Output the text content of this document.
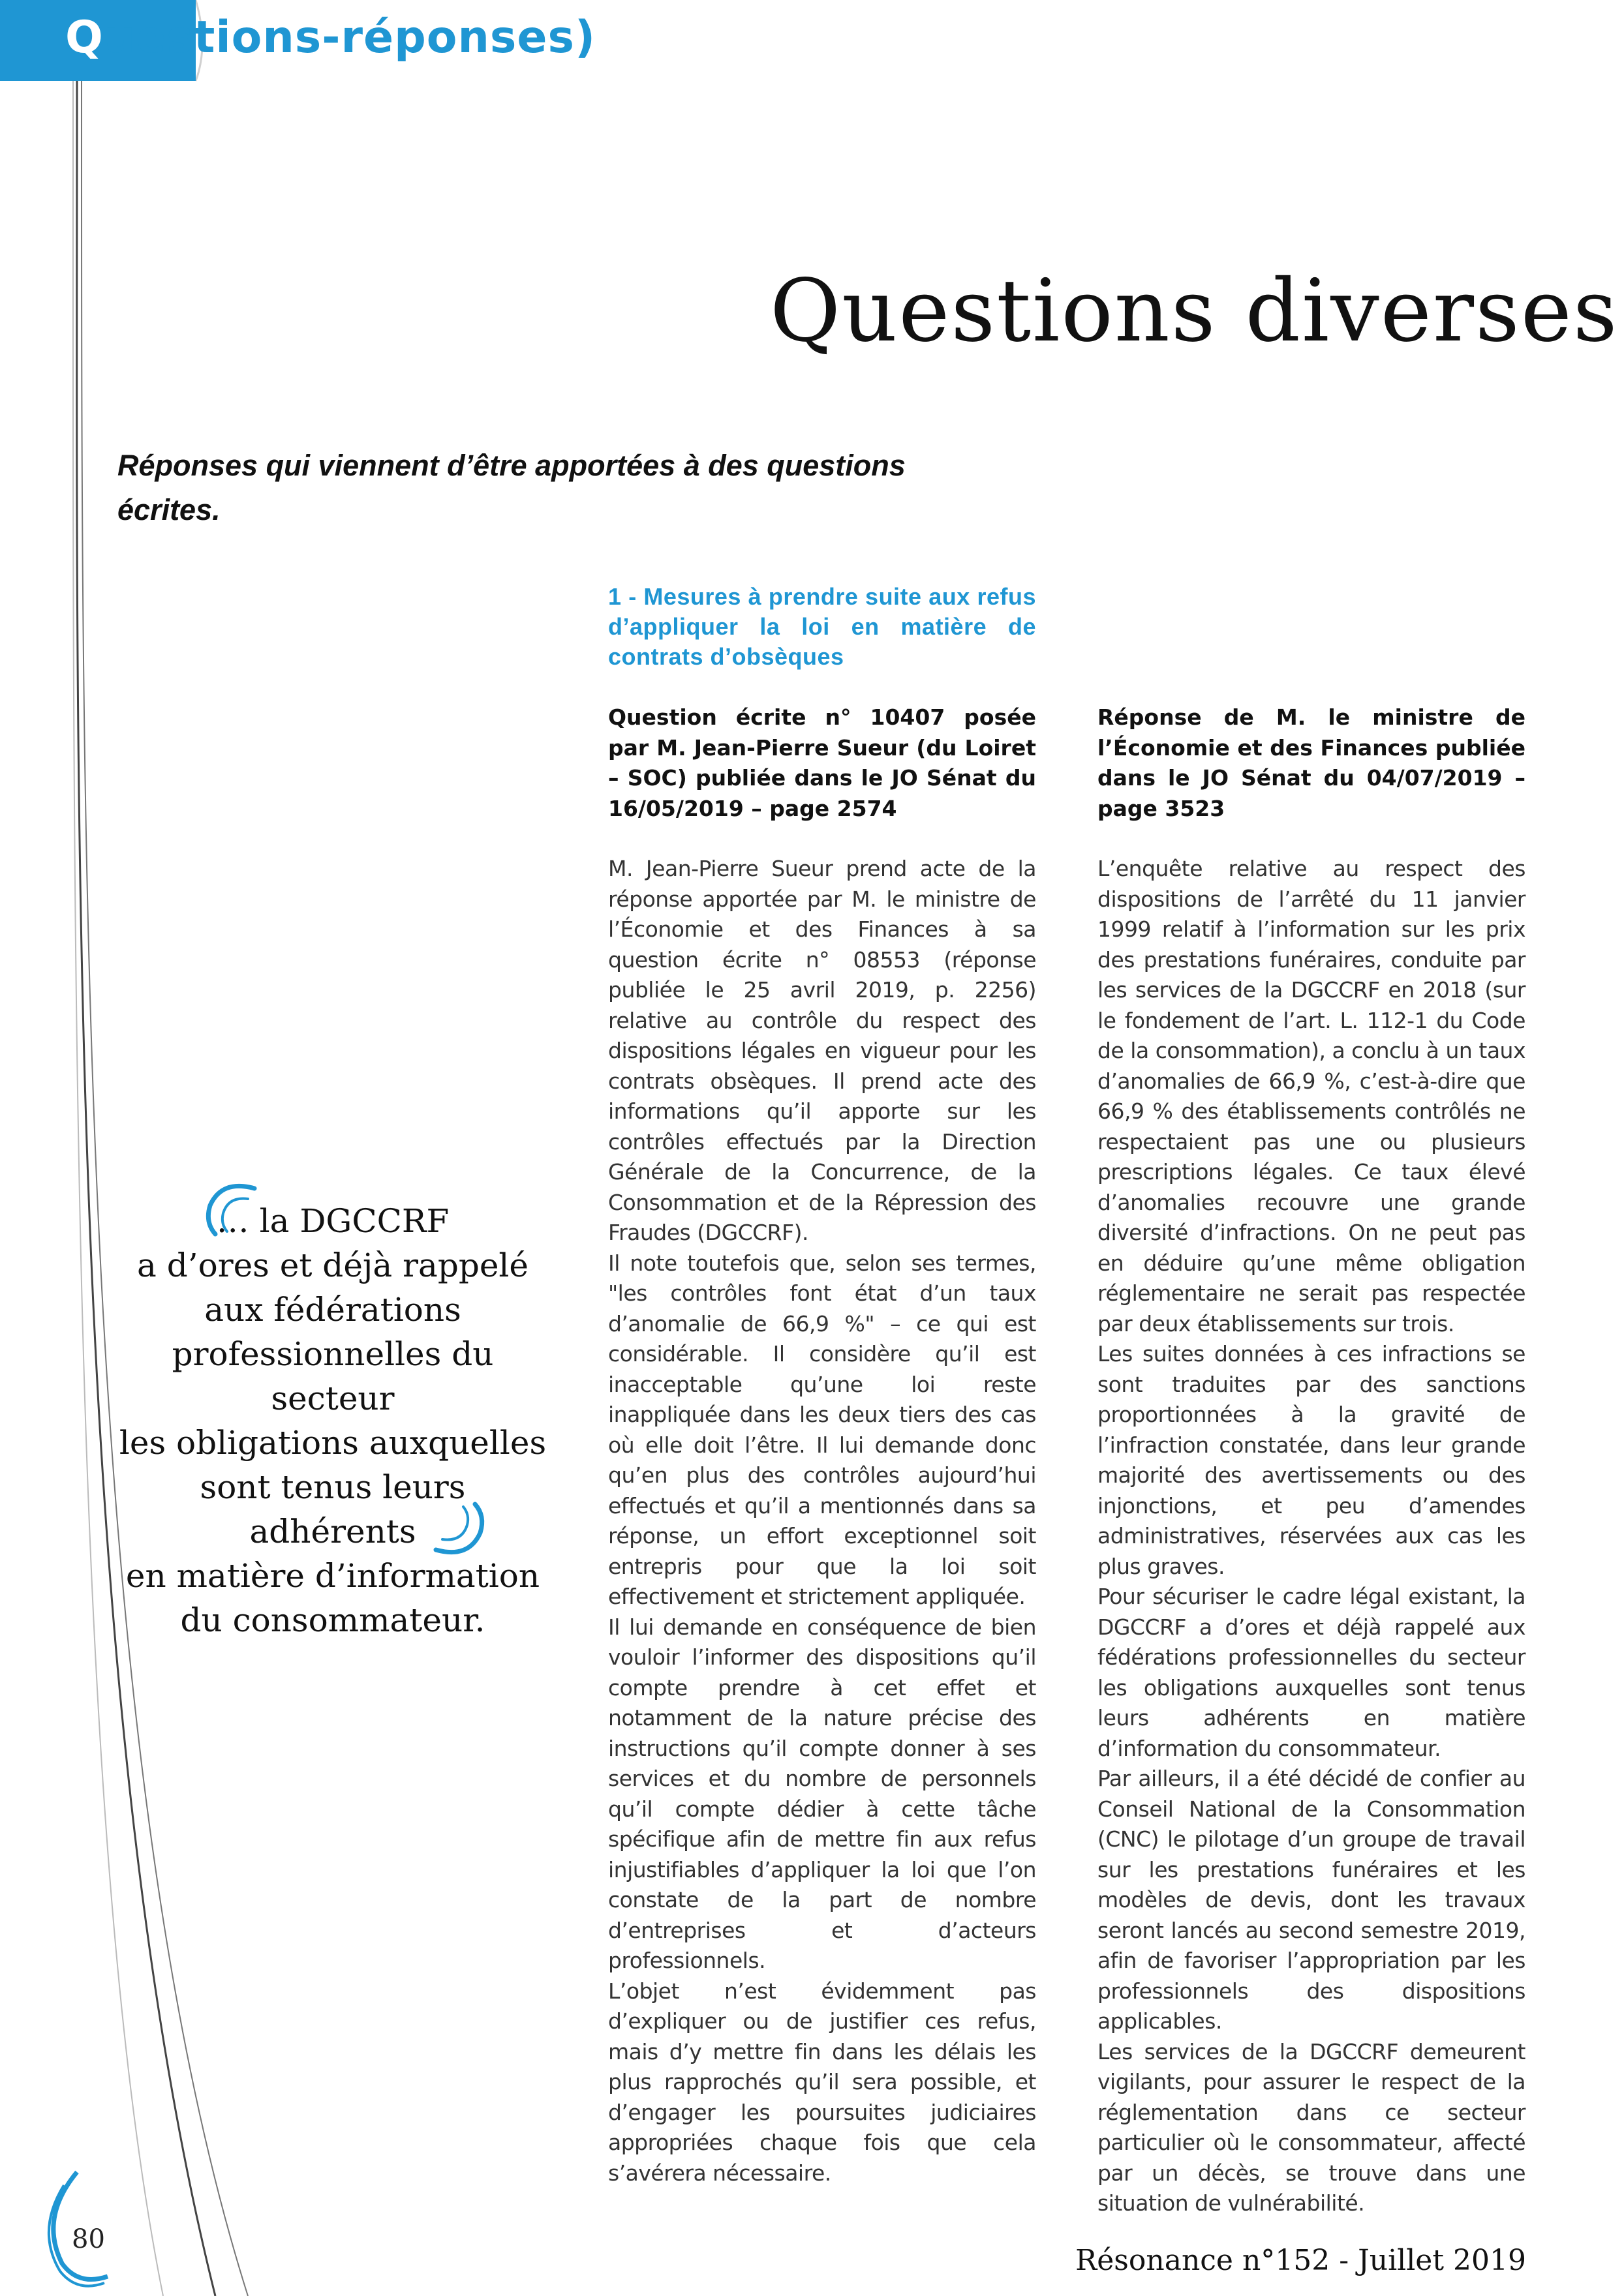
Questions-réponses)
Questions diverses
Réponses qui viennent d’être apportées à des questions écrites.
1 - Mesures à prendre suite aux refus d’appliquer la loi en matière de contrats d’obsèques

Question écrite n° 10407 posée par M. Jean-Pierre Sueur (du Loiret – SOC) publiée dans le JO Sénat du 16/05/2019 – page 2574

M. Jean-Pierre Sueur prend acte de la réponse apportée par M. le ministre de l’Économie et des Finances à sa question écrite n° 08553 (réponse publiée le 25 avril 2019, p. 2256) relative au contrôle du respect des dispositions légales en vigueur pour les contrats obsèques. Il prend acte des informations qu’il apporte sur les contrôles effectués par la Direction Générale de la Concurrence, de la Consommation et de la Répression des Fraudes (DGCCRF).

Il note toutefois que, selon ses termes, "les contrôles font état d’un taux d’anomalie de 66,9 %" – ce qui est considérable. Il considère qu’il est inacceptable qu’une loi reste inappliquée dans les deux tiers des cas où elle doit l’être. Il lui demande donc qu’en plus des contrôles aujourd’hui effectués et qu’il a mentionnés dans sa réponse, un effort exceptionnel soit entrepris pour que la loi soit effectivement et strictement appliquée.

Il lui demande en conséquence de bien vouloir l’informer des dispositions qu’il compte prendre à cet effet et notamment de la nature précise des instructions qu’il compte donner à ses services et du nombre de personnels qu’il compte dédier à cette tâche spécifique afin de mettre fin aux refus injustifiables d’appliquer la loi que l’on constate de la part de nombre d’entreprises et d’acteurs professionnels.

L’objet n’est évidemment pas d’expliquer ou de justifier ces refus, mais d’y mettre fin dans les délais les plus rapprochés qu’il sera possible, et d’engager les poursuites judiciaires appropriées chaque fois que cela s’avérera nécessaire.

Réponse de M. le ministre de l’Économie et des Finances publiée dans le JO Sénat du 04/07/2019 – page 3523

L’enquête relative au respect des dispositions de l’arrêté du 11 janvier 1999 relatif à l’information sur les prix des prestations funéraires, conduite par les services de la DGCCRF en 2018 (sur le fondement de l’art. L. 112-1 du Code de la consommation), a conclu à un taux d’anomalies de 66,9 %, c’est-à-dire que 66,9 % des établissements contrôlés ne respectaient pas une ou plusieurs prescriptions légales. Ce taux élevé d’anomalies recouvre une grande diversité d’infractions. On ne peut pas en déduire qu’une même obligation réglementaire ne serait pas respectée par deux établissements sur trois.

Les suites données à ces infractions se sont traduites par des sanctions proportionnées à la gravité de l’infraction constatée, dans leur grande majorité des avertissements ou des injonctions, et peu d’amendes administratives, réservées aux cas les plus graves.

Pour sécuriser le cadre légal existant, la DGCCRF a d’ores et déjà rappelé aux fédérations professionnelles du secteur les obligations auxquelles sont tenus leurs adhérents en matière d’information du consommateur.

Par ailleurs, il a été décidé de confier au Conseil National de la Consommation (CNC) le pilotage d’un groupe de travail sur les prestations funéraires et les modèles de devis, dont les travaux seront lancés au second semestre 2019, afin de favoriser l’appropriation par les professionnels des dispositions applicables.

Les services de la DGCCRF demeurent vigilants, pour assurer le respect de la réglementation dans ce secteur particulier où le consommateur, affecté par un décès, se trouve dans une situation de vulnérabilité.

… la DGCCRF

a d’ores et déjà rappelé

aux fédérations

professionnelles du secteur

les obligations auxquelles

sont tenus leurs adhérents

en matière d’information

du consommateur.

80
Résonance n°152 - Juillet 2019
